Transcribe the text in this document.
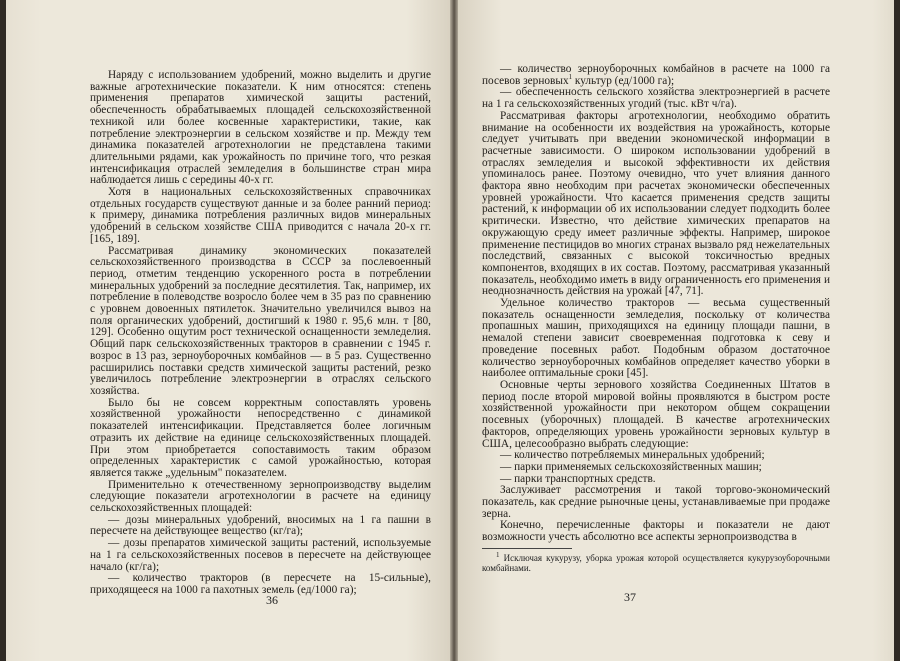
Наряду с использованием удобрений, можно выделить и другие важные агротехнические показатели. К ним относятся: степень применения препаратов химической защиты растений, обеспеченность обрабатываемых площадей сельскохозяйственной техникой или более косвенные характеристики, такие, как потребление электроэнергии в сельском хозяйстве и пр. Между тем динамика показателей агротехнологии не представлена такими длительными рядами, как урожайность по причине того, что резкая интенсификация отраслей земледелия в большинстве стран мира наблюдается лишь с середины 40-х гг.

Хотя в национальных сельскохозяйственных справочниках отдельных государств существуют данные и за более ранний период: к примеру, динамика потребления различных видов минеральных удобрений в сельском хозяйстве США приводится с начала 20-х гг. [165, 189].

Рассматривая динамику экономических показателей сельскохозяйственного производства в СССР за послевоенный период, отметим тенденцию ускоренного роста в потреблении минеральных удобрений за последние десятилетия. Так, например, их потребление в полеводстве возросло более чем в 35 раз по сравнению с уровнем довоенных пятилеток. Значительно увеличился вывоз на поля органических удобрений, достигший к 1980 г. 95,6 млн. т [80, 129]. Особенно ощутим рост технической оснащенности земледелия. Общий парк сельскохозяйственных тракторов в сравнении с 1945 г. возрос в 13 раз, зерноуборочных комбайнов — в 5 раз. Существенно расширились поставки средств химической защиты растений, резко увеличилось потребление электроэнергии в отраслях сельского хозяйства.

Было бы не совсем корректным сопоставлять уровень хозяйственной урожайности непосредственно с динамикой показателей интенсификации. Представляется более логичным отразить их действие на единице сельскохозяйственных площадей. При этом приобретается сопоставимость таким образом определенных характеристик с самой урожайностью, которая является также „удельным" показателем.

Применительно к отечественному зернопроизводству выделим следующие показатели агротехнологии в расчете на единицу сельскохозяйственных площадей:

— дозы минеральных удобрений, вносимых на 1 га пашни в пересчете на действующее вещество (кг/га);

— дозы препаратов химической защиты растений, используемые на 1 га сельскохозяйственных посевов в пересчете на действующее начало (кг/га);

— количество тракторов (в пересчете на 15-сильные), приходящееся на 1000 га пахотных земель (ед/1000 га);

36

— количество зерноуборочных комбайнов в расчете на 1000 га посевов зерновых$^1$ культур (ед/1000 га);

— обеспеченность сельского хозяйства электроэнергией в расчете на 1 га сельскохозяйственных угодий (тыс. кВт ч/га).

Рассматривая факторы агротехнологии, необходимо обратить внимание на особенности их воздействия на урожайность, которые следует учитывать при введении экономической информации в расчетные зависимости. О широком использовании удобрений в отраслях земледелия и высокой эффективности их действия упоминалось ранее. Поэтому очевидно, что учет влияния данного фактора явно необходим при расчетах экономически обеспеченных уровней урожайности. Что касается применения средств защиты растений, к информации об их использовании следует подходить более критически. Известно, что действие химических препаратов на окружающую среду имеет различные эффекты. Например, широкое применение пестицидов во многих странах вызвало ряд нежелательных последствий, связанных с высокой токсичностью вредных компонентов, входящих в их состав. Поэтому, рассматривая указанный показатель, необходимо иметь в виду ограниченность его применения и неоднозначность действия на урожай [47, 71].

Удельное количество тракторов — весьма существенный показатель оснащенности земледелия, поскольку от количества пропашных машин, приходящихся на единицу площади пашни, в немалой степени зависит своевременная подготовка к севу и проведение посевных работ. Подобным образом достаточное количество зерноуборочных комбайнов определяет качество уборки в наиболее оптимальные сроки [45].

Основные черты зернового хозяйства Соединенных Штатов в период после второй мировой войны проявляются в быстром росте хозяйственной урожайности при некотором общем сокращении посевных (уборочных) площадей. В качестве агротехнических факторов, определяющих уровень урожайности зерновых культур в США, целесообразно выбрать следующие:

— количество потребляемых минеральных удобрений;

— парки применяемых сельскохозяйственных машин;

— парки транспортных средств.

Заслуживает рассмотрения и такой торгово-экономический показатель, как средние рыночные цены, устанавливаемые при продаже зерна.

Конечно, перечисленные факторы и показатели не дают возможности учесть абсолютно все аспекты зернопроизводства в

$^1$ Исключая кукурузу, уборка урожая которой осуществляется кукурузоуборочными комбайнами.
37
